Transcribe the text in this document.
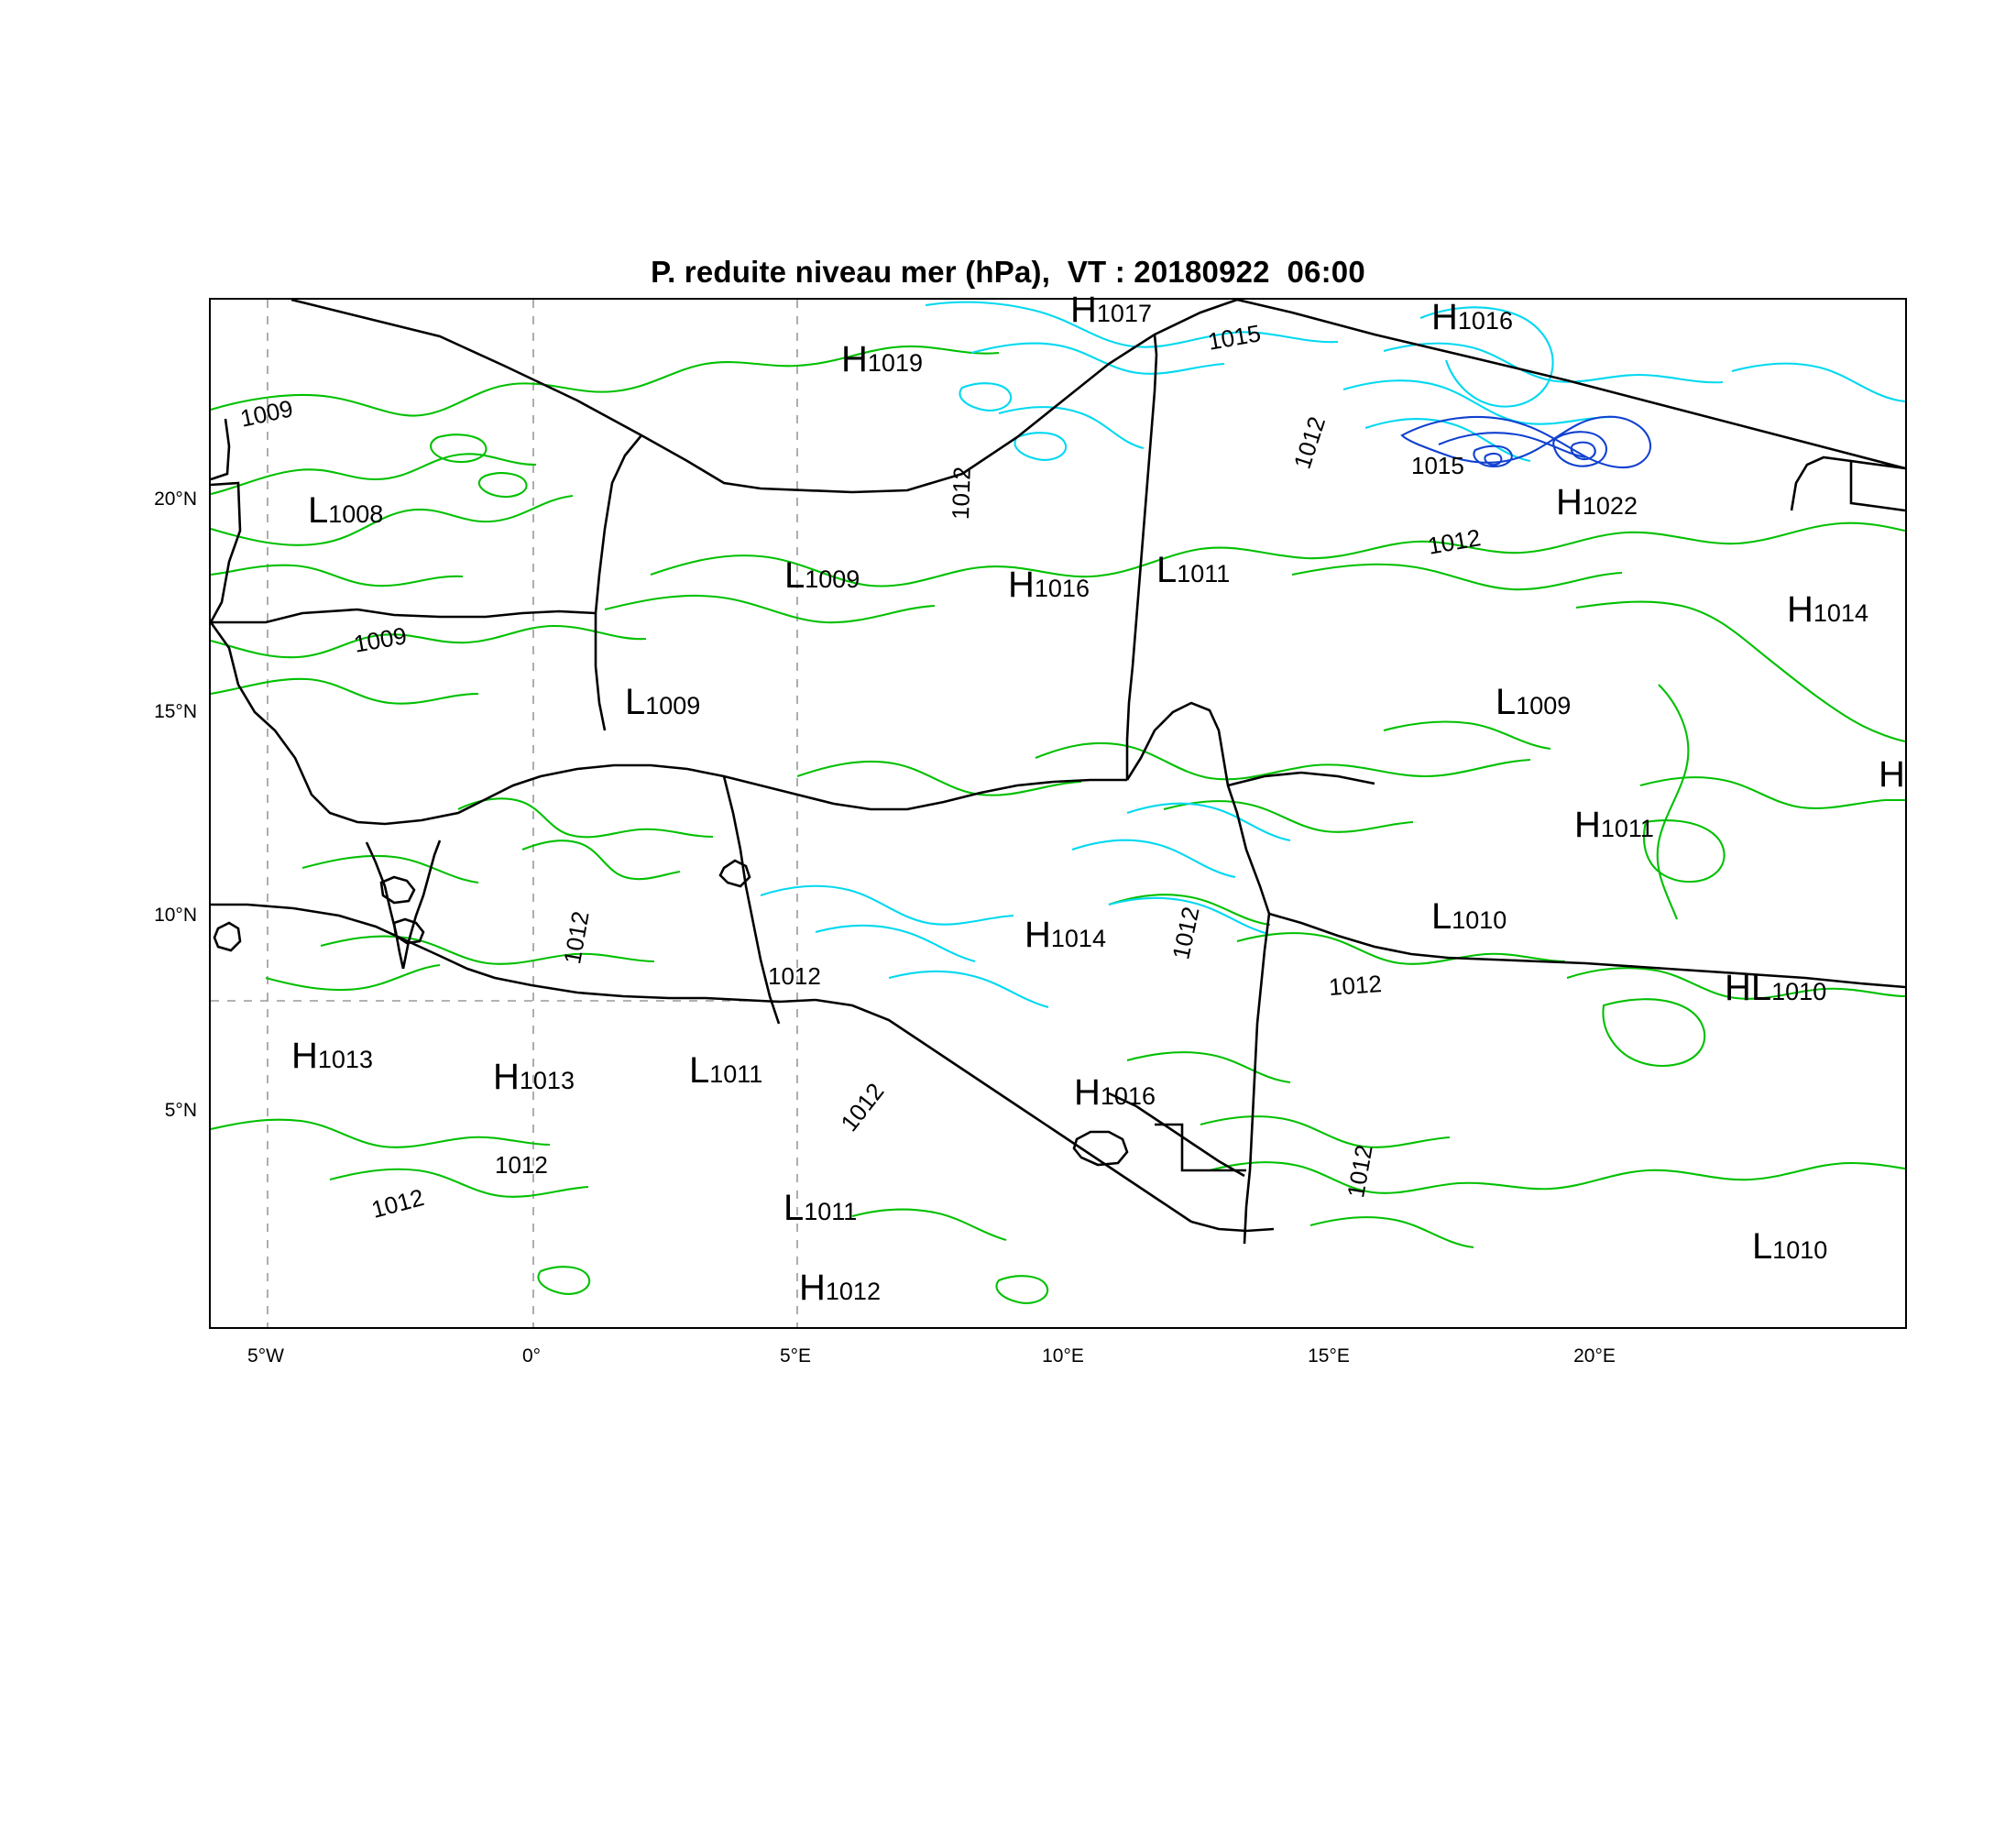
P. reduite niveau mer (hPa),  VT : 20180922  06:00
20°N
15°N
10°N
5°N
5°W	0°	5°E	10°E	15°E	20°E
1009
1009
1012
1015
1012	1015
1012
1012
1012
1012
1012
1012
1012
1012
1012
H1017
H1019
H1016
L1008	H1022
L1009	H1016 L1011
H1014
L1009	L1009
H
H1011
H1014
L1010
HL1010
H1013	H1013	L1011	H1016
L1011
L1010
H1012
